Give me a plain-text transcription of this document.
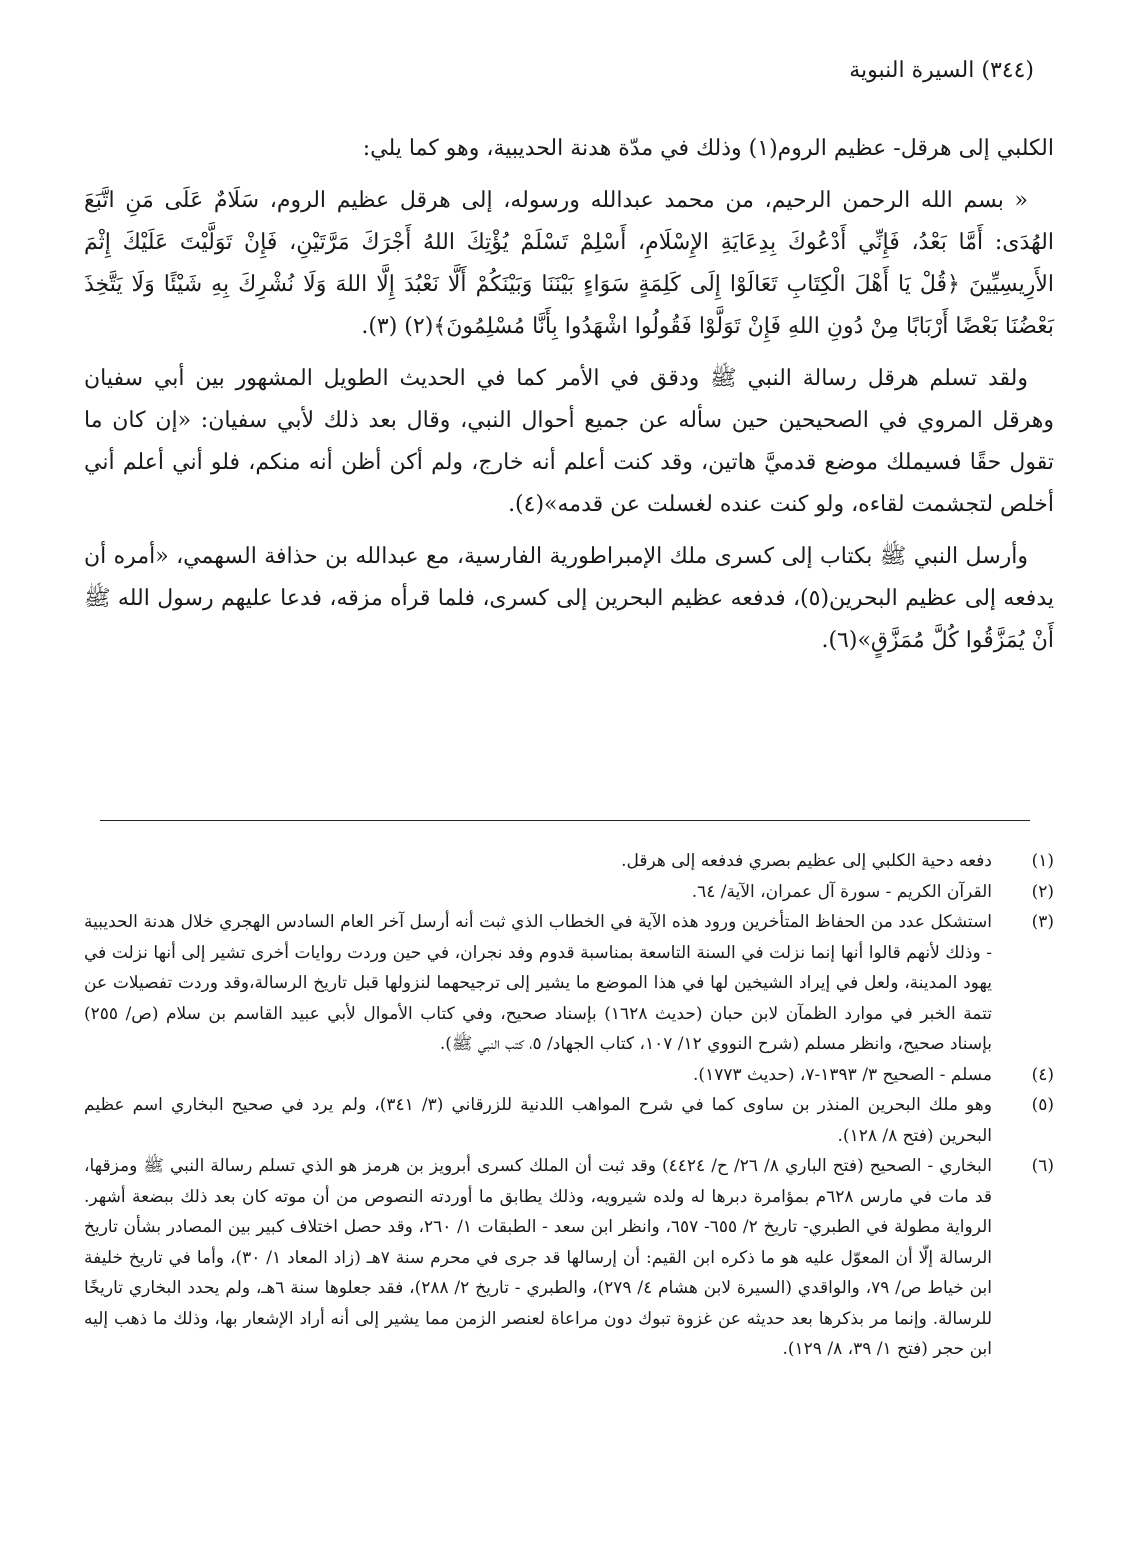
(٣٤٤) السيرة النبوية

الكلبي إلى هرقل- عظيم الروم(١) وذلك في مدّة هدنة الحديبية، وهو كما يلي:

« بسم الله الرحمن الرحيم، من محمد عبدالله ورسوله، إلى هرقل عظيم الروم، سَلَامٌ عَلَى مَنِ اتَّبَعَ الهُدَى: أَمَّا بَعْدُ، فَإِنِّي أَدْعُوكَ بِدِعَايَةِ الإِسْلَامِ، أَسْلِمْ تَسْلَمْ يُؤْتِكَ اللهُ أَجْرَكَ مَرَّتَيْنِ، فَإِنْ تَوَلَّيْتَ عَلَيْكَ إِثْمَ الأَرِيسِيِّينَ ﴿قُلْ يَا أَهْلَ الْكِتَابِ تَعَالَوْا إِلَى كَلِمَةٍ سَوَاءٍ بَيْنَنَا وَبَيْنَكُمْ أَلَّا نَعْبُدَ إِلَّا اللهَ وَلَا نُشْرِكَ بِهِ شَيْئًا وَلَا يَتَّخِذَ بَعْضُنَا بَعْضًا أَرْبَابًا مِنْ دُونِ اللهِ فَإِنْ تَوَلَّوْا فَقُولُوا اشْهَدُوا بِأَنَّا مُسْلِمُونَ﴾(٢) (٣).

ولقد تسلم هرقل رسالة النبي ﷺ ودقق في الأمر كما في الحديث الطويل المشهور بين أبي سفيان وهرقل المروي في الصحيحين حين سأله عن جميع أحوال النبي، وقال بعد ذلك لأبي سفيان: «إن كان ما تقول حقًا فسيملك موضع قدميَّ هاتين، وقد كنت أعلم أنه خارج، ولم أكن أظن أنه منكم، فلو أني أعلم أني أخلص لتجشمت لقاءه، ولو كنت عنده لغسلت عن قدمه»(٤).

وأرسل النبي ﷺ بكتاب إلى كسرى ملك الإمبراطورية الفارسية، مع عبدالله بن حذافة السهمي، «أمره أن يدفعه إلى عظيم البحرين(٥)، فدفعه عظيم البحرين إلى كسرى، فلما قرأه مزقه، فدعا عليهم رسول الله ﷺ أَنْ يُمَزَّقُوا كُلَّ مُمَزَّقٍ»(٦).

(١)
دفعه دحية الكلبي إلى عظيم بصري فدفعه إلى هرقل.
(٢)
القرآن الكريم - سورة آل عمران، الآية/ ٦٤.
(٣)
استشكل عدد من الحفاظ المتأخرين ورود هذه الآية في الخطاب الذي ثبت أنه أرسل آخر العام السادس الهجري خلال هدنة الحديبية - وذلك لأنهم قالوا أنها إنما نزلت في السنة التاسعة بمناسبة قدوم وفد نجران، في حين وردت روايات أخرى تشير إلى أنها نزلت في يهود المدينة، ولعل في إيراد الشيخين لها في هذا الموضع ما يشير إلى ترجيحهما لنزولها قبل تاريخ الرسالة،وقد وردت تفصيلات عن تتمة الخبر في موارد الظمآن لابن حبان (حديث ١٦٢٨) بإسناد صحيح، وفي كتاب الأموال لأبي عبيد القاسم بن سلام (ص/ ٢٥٥) بإسناد صحيح، وانظر مسلم (شرح النووي ١٢/ ١٠٧، كتاب الجهاد/ ٥، كتب النبي ﷺ).
(٤)
مسلم - الصحيح ٣/ ١٣٩٣-٧، (حديث ١٧٧٣).
(٥)
وهو ملك البحرين المنذر بن ساوى كما في شرح المواهب اللدنية للزرقاني (٣/ ٣٤١)، ولم يرد في صحيح البخاري اسم عظيم البحرين (فتح ٨/ ١٢٨).
(٦)
البخاري - الصحيح (فتح الباري ٨/ ٢٦/ ح/ ٤٤٢٤) وقد ثبت أن الملك كسرى أبرويز بن هرمز هو الذي تسلم رسالة النبي ﷺ ومزقها، قد مات في مارس ٦٢٨م بمؤامرة دبرها له ولده شيرويه، وذلك يطابق ما أوردته النصوص من أن موته كان بعد ذلك ببضعة أشهر. الرواية مطولة في الطبري- تاريخ ٢/ ٦٥٥- ٦٥٧، وانظر ابن سعد - الطبقات ١/ ٢٦٠، وقد حصل اختلاف كبير بين المصادر بشأن تاريخ الرسالة إلّا أن المعوّل عليه هو ما ذكره ابن القيم: أن إرسالها قد جرى في محرم سنة ٧هـ (زاد المعاد ١/ ٣٠)، وأما في تاريخ خليفة ابن خياط ص/ ٧٩، والواقدي (السيرة لابن هشام ٤/ ٢٧٩)، والطبري - تاريخ ٢/ ٢٨٨)، فقد جعلوها سنة ٦هـ، ولم يحدد البخاري تاريخًا للرسالة. وإنما مر بذكرها بعد حديثه عن غزوة تبوك دون مراعاة لعنصر الزمن مما يشير إلى أنه أراد الإشعار بها، وذلك ما ذهب إليه ابن حجر (فتح ١/ ٣٩، ٨/ ١٢٩).
